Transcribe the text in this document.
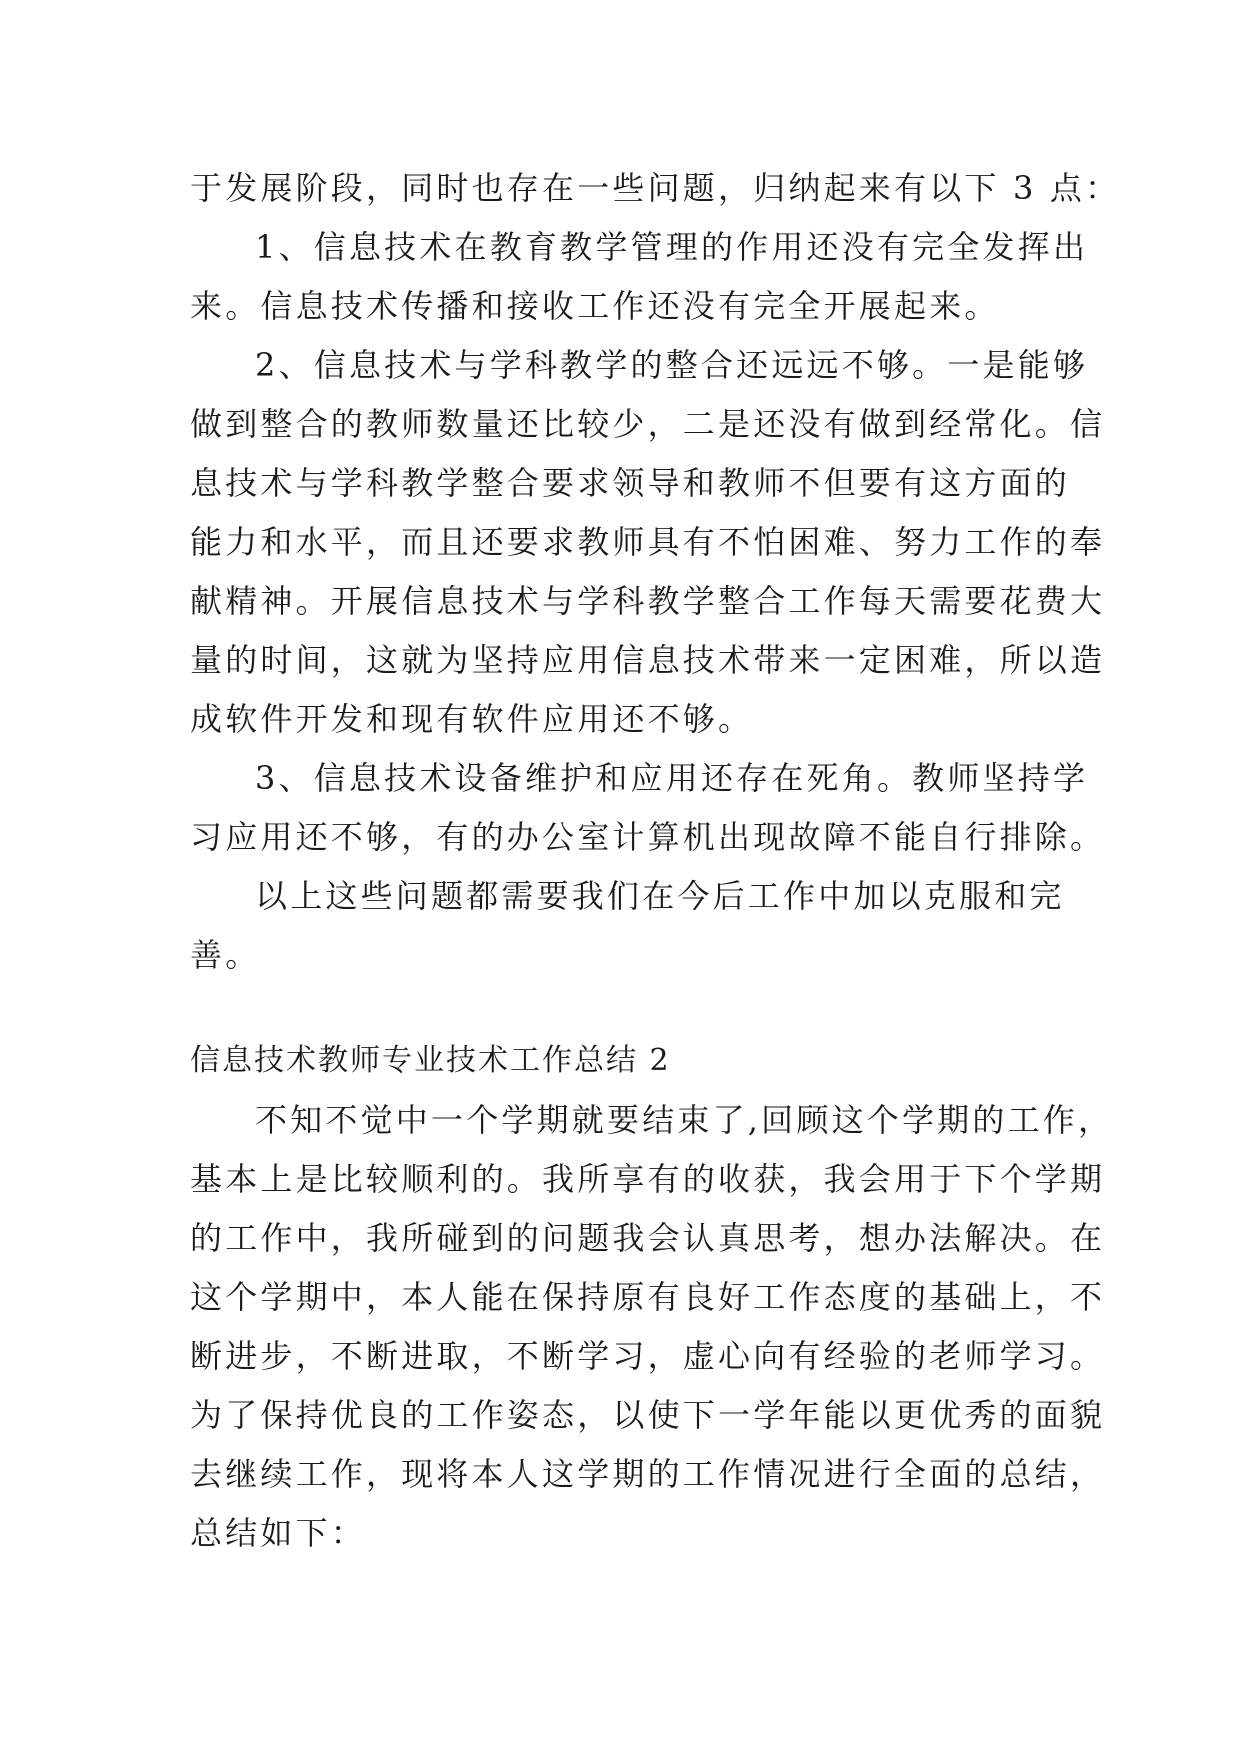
于发展阶段，同时也存在一些问题，归纳起来有以下 3 点：
1、信息技术在教育教学管理的作用还没有完全发挥出
来。信息技术传播和接收工作还没有完全开展起来。
2、信息技术与学科教学的整合还远远不够。一是能够
做到整合的教师数量还比较少，二是还没有做到经常化。信
息技术与学科教学整合要求领导和教师不但要有这方面的
能力和水平，而且还要求教师具有不怕困难、努力工作的奉
献精神。开展信息技术与学科教学整合工作每天需要花费大
量的时间，这就为坚持应用信息技术带来一定困难，所以造
成软件开发和现有软件应用还不够。
3、信息技术设备维护和应用还存在死角。教师坚持学
习应用还不够，有的办公室计算机出现故障不能自行排除。
以上这些问题都需要我们在今后工作中加以克服和完
善。
信息技术教师专业技术工作总结 2
不知不觉中一个学期就要结束了,回顾这个学期的工作，
基本上是比较顺利的。我所享有的收获，我会用于下个学期
的工作中，我所碰到的问题我会认真思考，想办法解决。在
这个学期中，本人能在保持原有良好工作态度的基础上，不
断进步，不断进取，不断学习，虚心向有经验的老师学习。
为了保持优良的工作姿态，以使下一学年能以更优秀的面貌
去继续工作，现将本人这学期的工作情况进行全面的总结，
总结如下：
